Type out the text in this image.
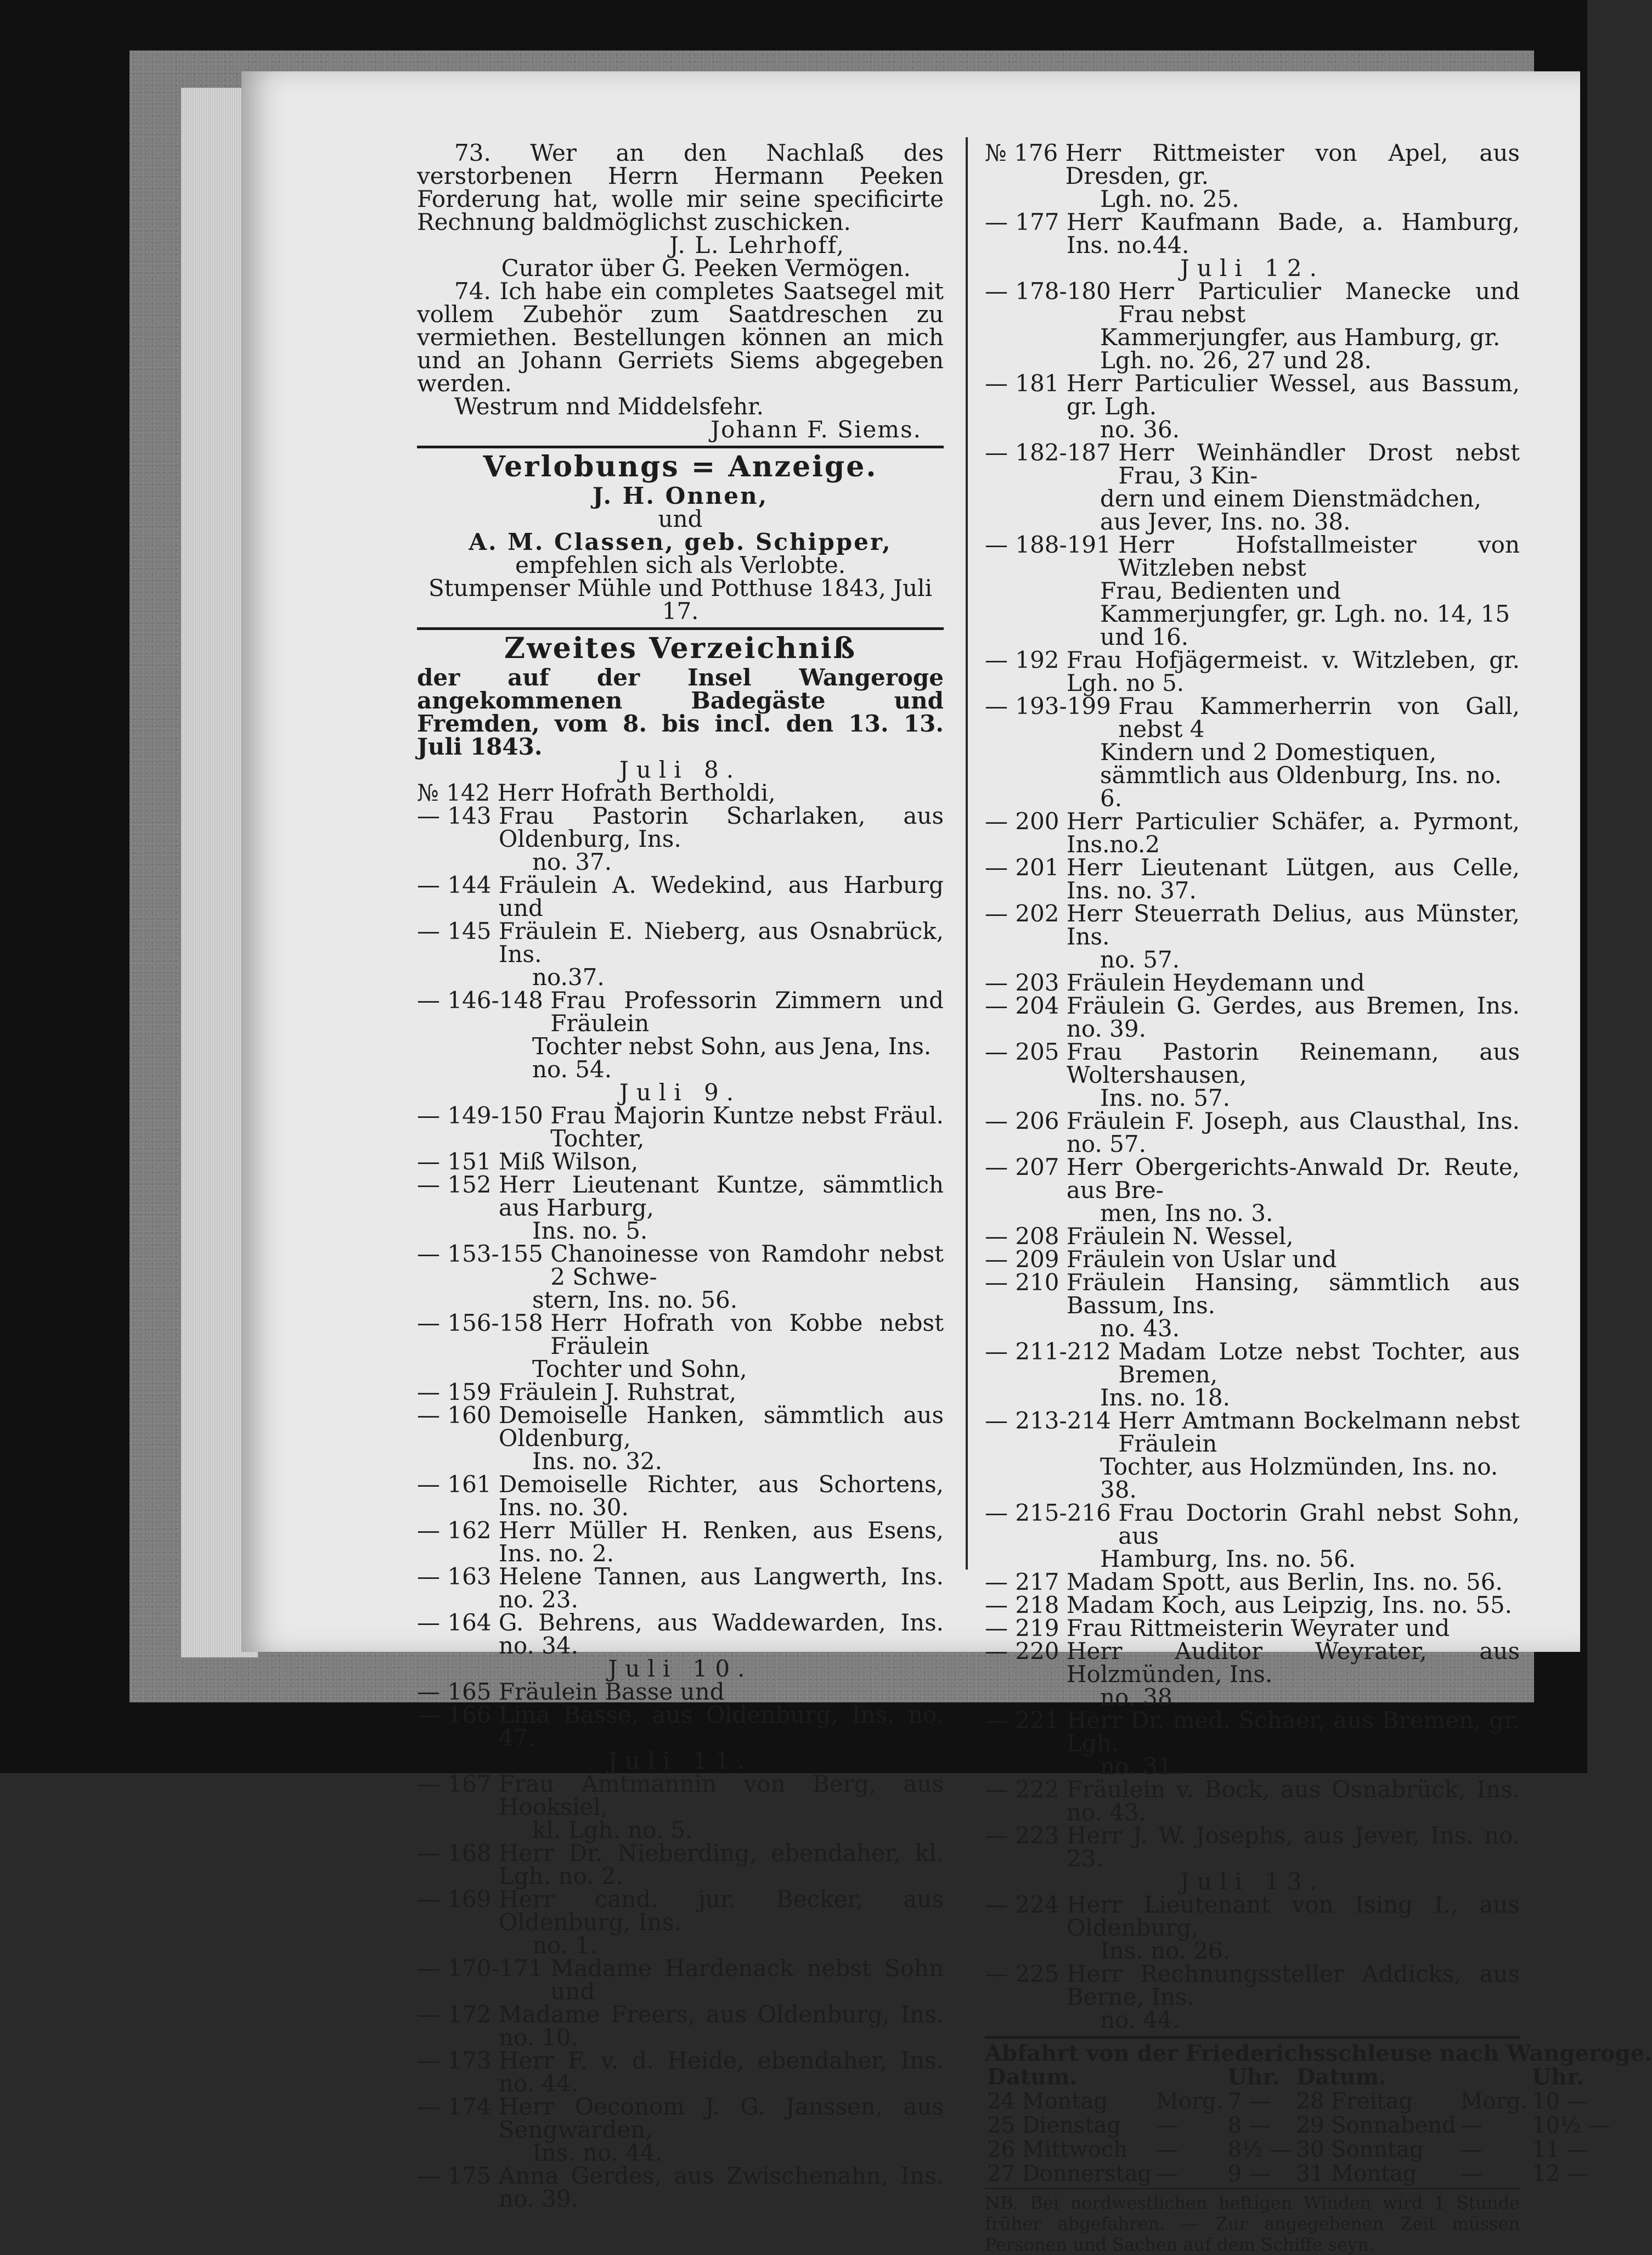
73. Wer an den Nachlaß des verstorbenen Herrn Hermann Peeken Forderung hat, wolle mir seine specificirte Rechnung baldmöglichst zuschicken.

J. L. Lehrhoff,

Curator über G. Peeken Vermögen.

74. Ich habe ein completes Saatsegel mit vollem Zubehör zum Saatdreschen zu vermiethen. Bestellungen können an mich und an Johann Gerriets Siems abgegeben werden.

Westrum nnd Middelsfehr.

Johann F. Siems.

Verlobungs = Anzeige.

J. H. Onnen,

und

A. M. Classen, geb. Schipper,

empfehlen sich als Verlobte.

Stumpenser Mühle und Potthuse 1843, Juli 17.

Zweites Verzeichniß

der auf der Insel Wangeroge angekommenen Badegäste und Fremden, vom 8. bis incl. den 13. 13. Juli 1843.

Juli 8.

№ 142 Herr Hofrath Bertholdi,
— 143 Frau Pastorin Scharlaken, aus Oldenburg, Ins.

no. 37.

— 144 Fräulein A. Wedekind, aus Harburg und
— 145 Fräulein E. Nieberg, aus Osnabrück, Ins.

no.37.

— 146-148 Frau Professorin Zimmern und Fräulein

Tochter nebst Sohn, aus Jena, Ins. no. 54.

Juli 9.

— 149-150 Frau Majorin Kuntze nebst Fräul. Tochter,
— 151 Miß Wilson,
— 152 Herr Lieutenant Kuntze, sämmtlich aus Harburg,

Ins. no. 5.

— 153-155 Chanoinesse von Ramdohr nebst 2 Schwe-

stern, Ins. no. 56.

— 156-158 Herr Hofrath von Kobbe nebst Fräulein

Tochter und Sohn,

— 159 Fräulein J. Ruhstrat,
— 160 Demoiselle Hanken, sämmtlich aus Oldenburg,

Ins. no. 32.

— 161 Demoiselle Richter, aus Schortens, Ins. no. 30.
— 162 Herr Müller H. Renken, aus Esens, Ins. no. 2.
— 163 Helene Tannen, aus Langwerth, Ins. no. 23.
— 164 G. Behrens, aus Waddewarden, Ins. no. 34.

Juli 10.

— 165 Fräulein Basse und
— 166 Lina Basse, aus Oldenburg, Ins. no. 47.

Juli 11.

— 167 Frau Amtmannin von Berg, aus Hooksiel,

kl. Lgh. no. 5.

— 168 Herr Dr. Nieberding, ebendaher, kl. Lgh. no. 2.
— 169 Herr cand. jur. Becker, aus Oldenburg, Ins.

no. 1.

— 170-171 Madame Hardenack nebst Sohn und
— 172 Madame Freers, aus Oldenburg, Ins. no. 10.
— 173 Herr F. v. d. Heide, ebendaher, Ins. no. 44.
— 174 Herr Oeconom J. G. Janssen, aus Sengwarden,

Ins. no. 44.

— 175 Anna Gerdes, aus Zwischenahn, Ins. no. 39.
№ 176 Herr Rittmeister von Apel, aus Dresden, gr.

Lgh. no. 25.

— 177 Herr Kaufmann Bade, a. Hamburg, Ins. no.44.

Juli 12.

— 178-180 Herr Particulier Manecke und Frau nebst

Kammerjungfer, aus Hamburg, gr. Lgh. no. 26, 27 und 28.

— 181 Herr Particulier Wessel, aus Bassum, gr. Lgh.

no. 36.

— 182-187 Herr Weinhändler Drost nebst Frau, 3 Kin-

dern und einem Dienstmädchen, aus Jever, Ins. no. 38.

— 188-191 Herr Hofstallmeister von Witzleben nebst

Frau, Bedienten und Kammerjungfer, gr. Lgh. no. 14, 15 und 16.

— 192 Frau Hofjägermeist. v. Witzleben, gr. Lgh. no 5.
— 193-199 Frau Kammerherrin von Gall, nebst 4

Kindern und 2 Domestiquen, sämmtlich aus Oldenburg, Ins. no. 6.

— 200 Herr Particulier Schäfer, a. Pyrmont, Ins.no.2
— 201 Herr Lieutenant Lütgen, aus Celle, Ins. no. 37.
— 202 Herr Steuerrath Delius, aus Münster, Ins.

no. 57.

— 203 Fräulein Heydemann und
— 204 Fräulein G. Gerdes, aus Bremen, Ins. no. 39.
— 205 Frau Pastorin Reinemann, aus Woltershausen,

Ins. no. 57.

— 206 Fräulein F. Joseph, aus Clausthal, Ins. no. 57.
— 207 Herr Obergerichts-Anwald Dr. Reute, aus Bre-

men, Ins no. 3.

— 208 Fräulein N. Wessel,
— 209 Fräulein von Uslar und
— 210 Fräulein Hansing, sämmtlich aus Bassum, Ins.

no. 43.

— 211-212 Madam Lotze nebst Tochter, aus Bremen,

Ins. no. 18.

— 213-214 Herr Amtmann Bockelmann nebst Fräulein

Tochter, aus Holzmünden, Ins. no. 38.

— 215-216 Frau Doctorin Grahl nebst Sohn, aus

Hamburg, Ins. no. 56.

— 217 Madam Spott, aus Berlin, Ins. no. 56.
— 218 Madam Koch, aus Leipzig, Ins. no. 55.
— 219 Frau Rittmeisterin Weyrater und
— 220 Herr Auditor Weyrater, aus Holzmünden, Ins.

no. 38.

— 221 Herr Dr. med. Schaer, aus Bremen, gr. Lgh.

no. 31.

— 222 Fräulein v. Bock, aus Osnabrück, Ins. no. 43.
— 223 Herr J. W. Josephs, aus Jever, Ins. no. 23.

Juli 13.

— 224 Herr Lieutenant von Ising I., aus Oldenburg,

Ins. no. 26.

— 225 Herr Rechnungssteller Addicks, aus Berne, Ins.

no. 44.

Abfahrt von der Friederichsschleuse nach Wangeroge.

Datum.		Uhr.	Datum.		Uhr.
24 Montag	Morg.	7 —	28 Freitag	Morg.	10 —
25 Dienstag	—	8 —	29 Sonnabend	—	10½ —
26 Mittwoch	—	8½ —	30 Sonntag	—	11 —
27 Donnerstag	—	9 —	31 Montag	—	12 —

NB. Bei nordwestlichen heftigen Winden wird 1 Stunde früher abgefahren. — Zur angegebenen Zeit müssen Personen und Sachen auf dem Schiffe seyn.
